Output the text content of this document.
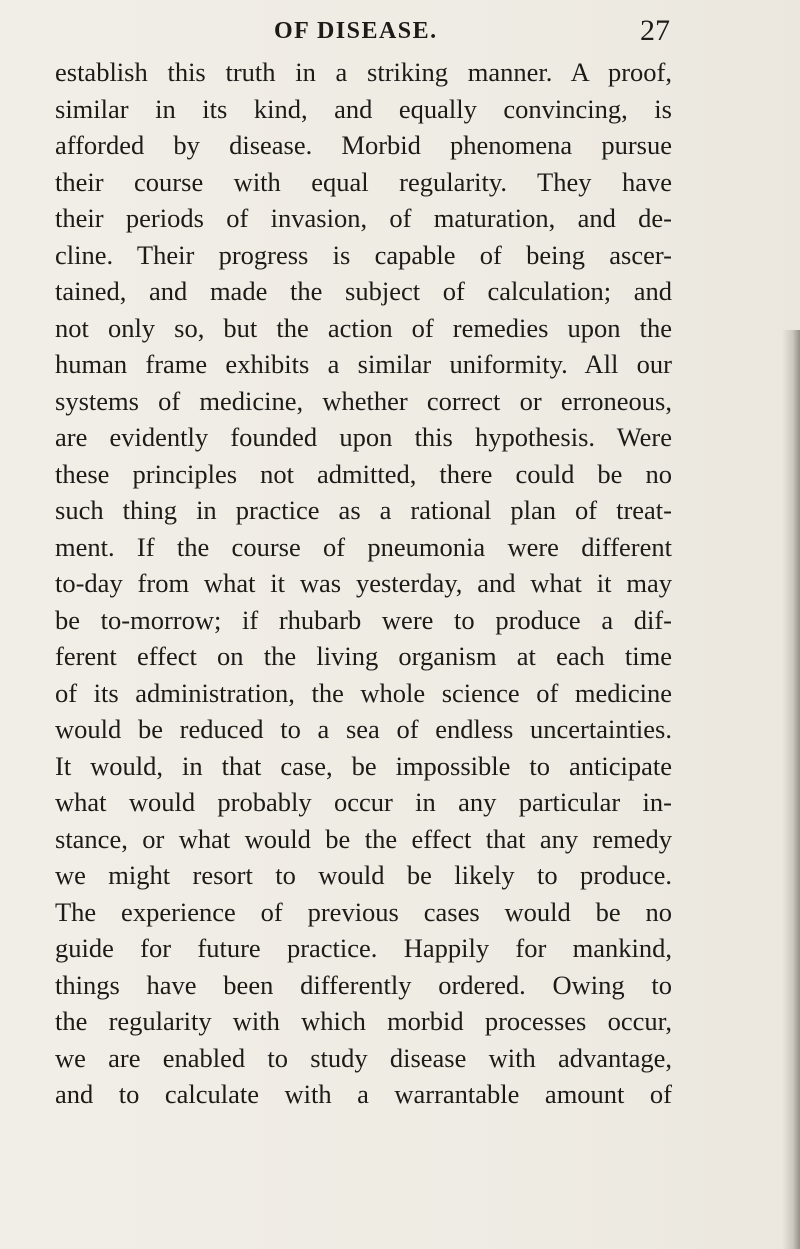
OF DISEASE.	27
establish this truth in a striking manner. A proof,
similar in its kind, and equally convincing, is
afforded by disease. Morbid phenomena pursue
their course with equal regularity. They have
their periods of invasion, of maturation, and de-
cline. Their progress is capable of being ascer-
tained, and made the subject of calculation; and
not only so, but the action of remedies upon the
human frame exhibits a similar uniformity. All our
systems of medicine, whether correct or erroneous,
are evidently founded upon this hypothesis. Were
these principles not admitted, there could be no
such thing in practice as a rational plan of treat-
ment. If the course of pneumonia were different
to-day from what it was yesterday, and what it may
be to-morrow; if rhubarb were to produce a dif-
ferent effect on the living organism at each time
of its administration, the whole science of medicine
would be reduced to a sea of endless uncertainties.
It would, in that case, be impossible to anticipate
what would probably occur in any particular in-
stance, or what would be the effect that any remedy
we might resort to would be likely to produce.
The experience of previous cases would be no
guide for future practice. Happily for mankind,
things have been differently ordered. Owing to
the regularity with which morbid processes occur,
we are enabled to study disease with advantage,
and to calculate with a warrantable amount of
